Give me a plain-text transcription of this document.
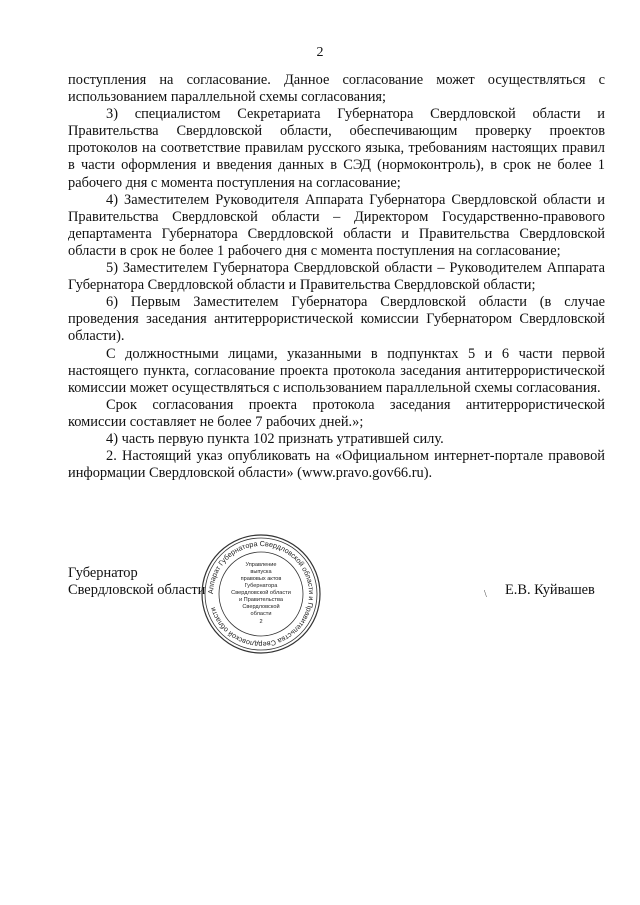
2

поступления на согласование. Данное согласование может осуществляться с использованием параллельной схемы согласования;

3) специалистом Секретариата Губернатора Свердловской области и Правительства Свердловской области, обеспечивающим проверку проектов протоколов на соответствие правилам русского языка, требованиям настоящих правил в части оформления и введения данных в СЭД (нормоконтроль), в срок не более 1 рабочего дня с момента поступления на согласование;

4) Заместителем Руководителя Аппарата Губернатора Свердловской области и Правительства Свердловской области – Директором Государственно-правового департамента Губернатора Свердловской области и Правительства Свердловской области в срок не более 1 рабочего дня с момента поступления на согласование;

5) Заместителем Губернатора Свердловской области – Руководителем Аппарата Губернатора Свердловской области и Правительства Свердловской области;

6) Первым Заместителем Губернатора Свердловской области (в случае проведения заседания антитеррористической комиссии Губернатором Свердловской области).

С должностными лицами, указанными в подпунктах 5 и 6 части первой настоящего пункта, согласование проекта протокола заседания антитеррористической комиссии может осуществляться с использованием параллельной схемы согласования.

Срок согласования проекта протокола заседания антитеррористической комиссии составляет не более 7 рабочих дней.»;

4) часть первую пункта 102 признать утратившей силу.

2. Настоящий указ опубликовать на «Официальном интернет-портале правовой информации Свердловской области» (www.pravo.gov66.ru).

Губернатор
Свердловской области Аппарат Губернатора Свердловской области и Правительства Свердловской области
Управление
выпуска
правовых актов
Губернатора
Свердловской области
и Правительства
Свердловской
области
2
\ Е.В. Куйвашев
